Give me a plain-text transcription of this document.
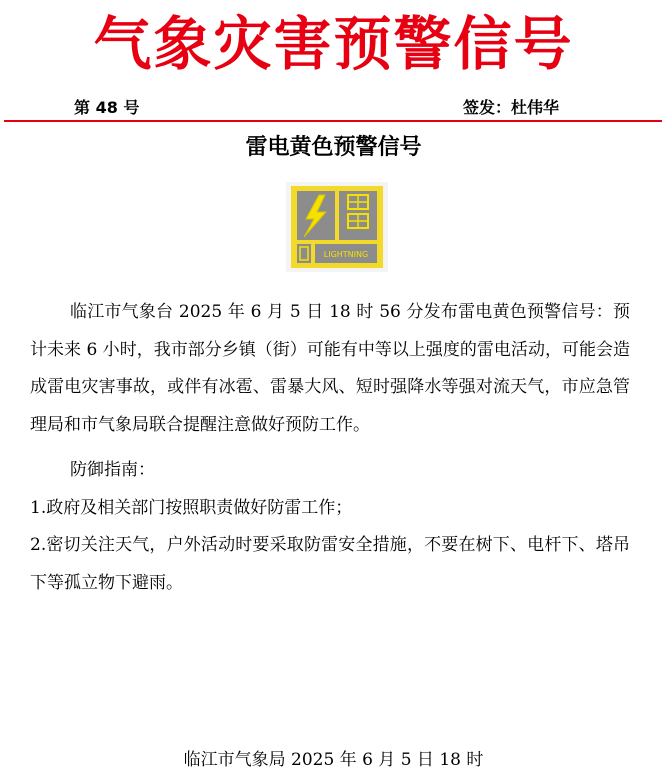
气象灾害预警信号
第 48 号	签发：杜伟华
雷电黄色预警信号
LIGHTNING

临江市气象台 2025 年 6 月 5 日 18 时 56 分发布雷电黄色预警信号：预计未来 6 小时，我市部分乡镇（街）可能有中等以上强度的雷电活动，可能会造成雷电灾害事故，或伴有冰雹、雷暴大风、短时强降水等强对流天气，市应急管理局和市气象局联合提醒注意做好预防工作。

防御指南：

1.政府及相关部门按照职责做好防雷工作；

2.密切关注天气，户外活动时要采取防雷安全措施，不要在树下、电杆下、塔吊下等孤立物下避雨。

临江市气象局 2025 年 6 月 5 日 18 时
